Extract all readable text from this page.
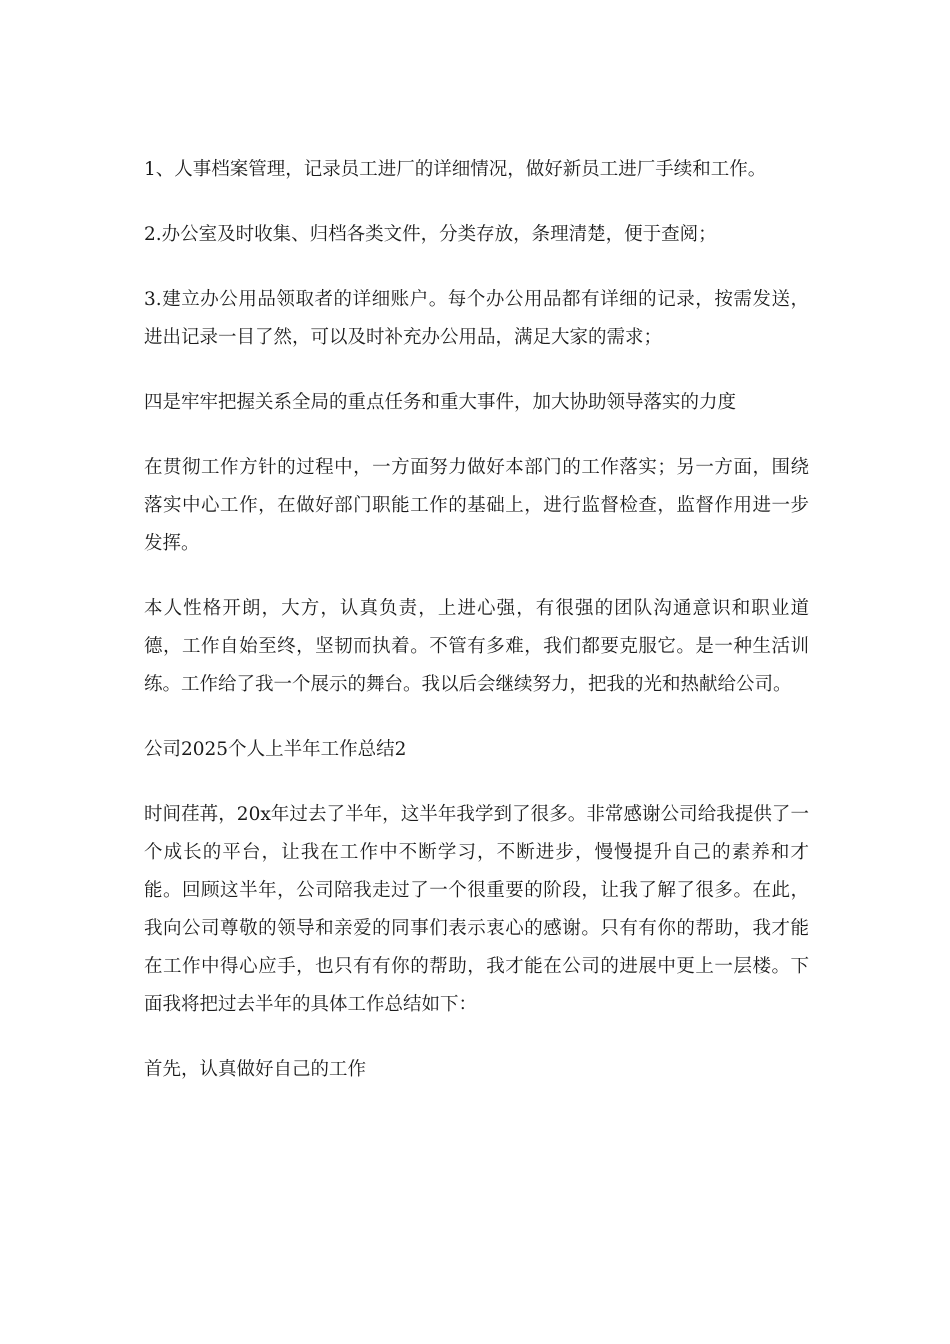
1、人事档案管理，记录员工进厂的详细情况，做好新员工进厂手续和工作。

2.办公室及时收集、归档各类文件，分类存放，条理清楚，便于查阅；

3.建立办公用品领取者的详细账户。每个办公用品都有详细的记录，按需发送，进出记录一目了然，可以及时补充办公用品，满足大家的需求；

四是牢牢把握关系全局的重点任务和重大事件，加大协助领导落实的力度

在贯彻工作方针的过程中，一方面努力做好本部门的工作落实；另一方面，围绕落实中心工作，在做好部门职能工作的基础上，进行监督检查，监督作用进一步发挥。

本人性格开朗，大方，认真负责，上进心强，有很强的团队沟通意识和职业道德，工作自始至终，坚韧而执着。不管有多难，我们都要克服它。是一种生活训练。工作给了我一个展示的舞台。我以后会继续努力，把我的光和热献给公司。

公司2025个人上半年工作总结2

时间荏苒，20x年过去了半年，这半年我学到了很多。非常感谢公司给我提供了一个成长的平台，让我在工作中不断学习，不断进步，慢慢提升自己的素养和才能。回顾这半年，公司陪我走过了一个很重要的阶段，让我了解了很多。在此，我向公司尊敬的领导和亲爱的同事们表示衷心的感谢。只有有你的帮助，我才能在工作中得心应手，也只有有你的帮助，我才能在公司的进展中更上一层楼。下面我将把过去半年的具体工作总结如下：

首先，认真做好自己的工作
